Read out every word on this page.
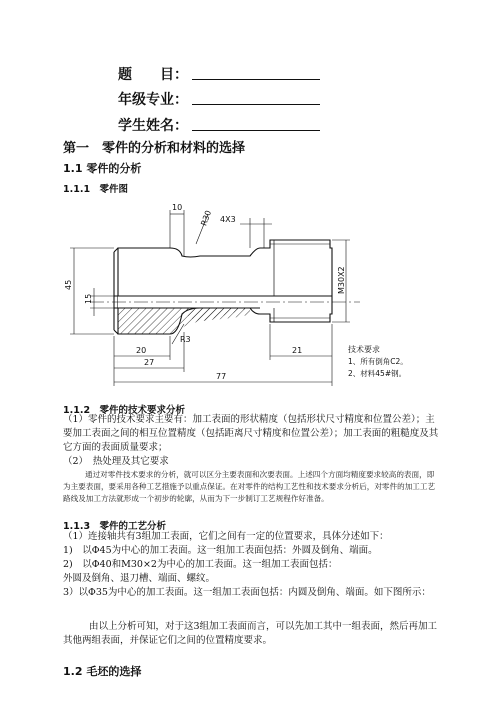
题　　目：
年级专业：
学生姓名：
第一　零件的分析和材料的选择
1.1 零件的分析
1.1.1　零件图
10
R30 4X3
45
15
M30X2
R3
20	21
27
77
技术要求
1、所有倒角C2。
2、材料45#钢。
1.1.2　零件的技术要求分析
（1）零件的技术要求主要有：加工表面的形状精度（包括形状尺寸精度和位置公差）；主要加工表面之间的相互位置精度（包括距离尺寸精度和位置公差）；加工表面的粗糙度及其它方面的表面质量要求；
（2）　热处理及其它要求
通过对零件技术要求的分析，就可以区分主要表面和次要表面。上述四个方面均精度要求较高的表面，即为主要表面，要采用各种工艺措施予以重点保证。在对零件的结构工艺性和技术要求分析后，对零件的加工工艺路线及加工方法就形成一个初步的轮廓，从而为下一步制订工艺规程作好准备。
1.1.3　零件的工艺分析
（1）连接轴共有3组加工表面，它们之间有一定的位置要求，具体分述如下：
1)　以Φ45为中心的加工表面。这一组加工表面包括：外圆及倒角、端面。
2)　以Φ40和M30×2为中心的加工表面。这一组加工表面包括：
外圆及倒角、退刀槽、端面、螺纹。
3）以Φ35为中心的加工表面。这一组加工表面包括：内圆及倒角、端面。如下图所示：
由以上分析可知，对于这3组加工表面而言，可以先加工其中一组表面，然后再加工其他两组表面，并保证它们之间的位置精度要求。
1.2 毛坯的选择
